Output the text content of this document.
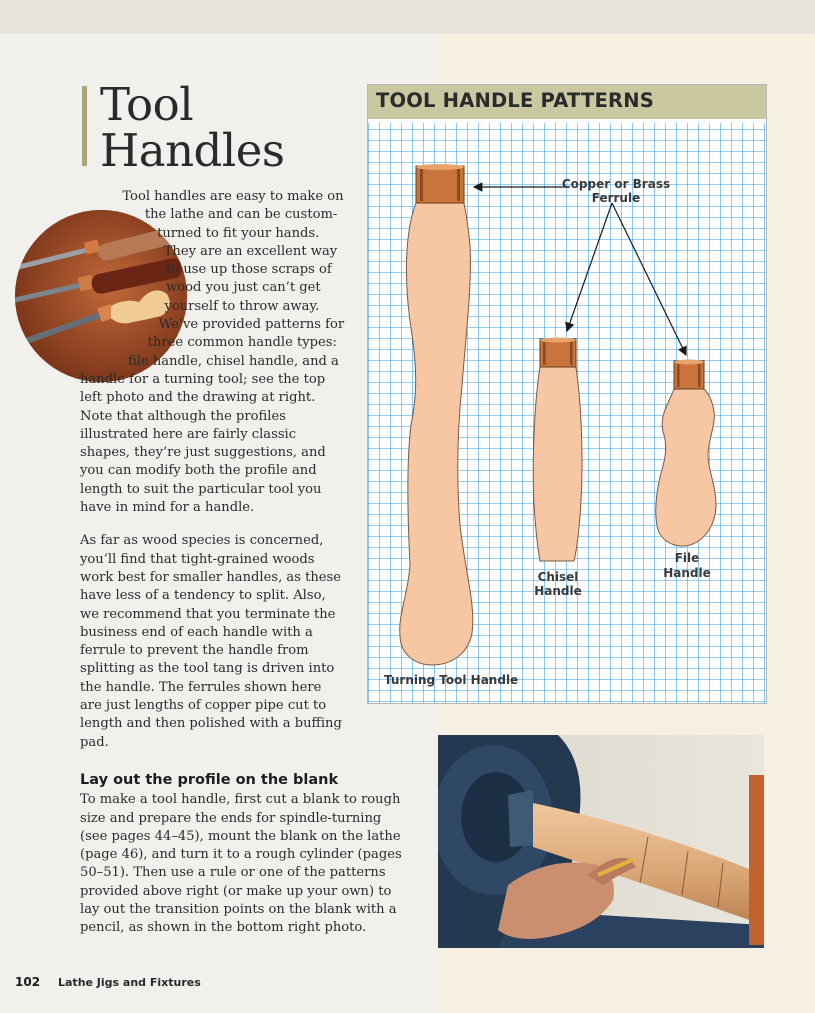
Tool
Handles

Tool handles are easy to make on the lathe and can be custom-turned to fit your hands. They are an excellent way to use up those scraps of wood you just can’t get yourself to throw away. We’ve provided patterns for three common handle types: file handle, chisel handle, and a handle for a turning tool; see the top left photo and the drawing at right. Note that although the profiles illustrated here are fairly classic shapes, they’re just suggestions, and you can modify both the profile and length to suit the particular tool you have in mind for a handle.

As far as wood species is concerned, you’ll find that tight-grained woods work best for smaller handles, as these have less of a tendency to split. Also, we recommend that you terminate the business end of each handle with a ferrule to prevent the handle from splitting as the tool tang is driven into the handle. The ferrules shown here are just lengths of copper pipe cut to length and then polished with a buffing pad.

Lay out the profile on the blank

To make a tool handle, first cut a blank to rough size and prepare the ends for spindle-turning (see pages 44–45), mount the blank on the lathe (page 46), and turn it to a rough cylinder (pages 50–51). Then use a rule or one of the patterns provided above right (or make up your own) to lay out the transition points on the blank with a pencil, as shown in the bottom right photo.

Copper or Brass
Ferrule
Turning Tool Handle
Chisel
Handle
File
Handle
TOOL HANDLE PATTERNS
102 Lathe Jigs and Fixtures
